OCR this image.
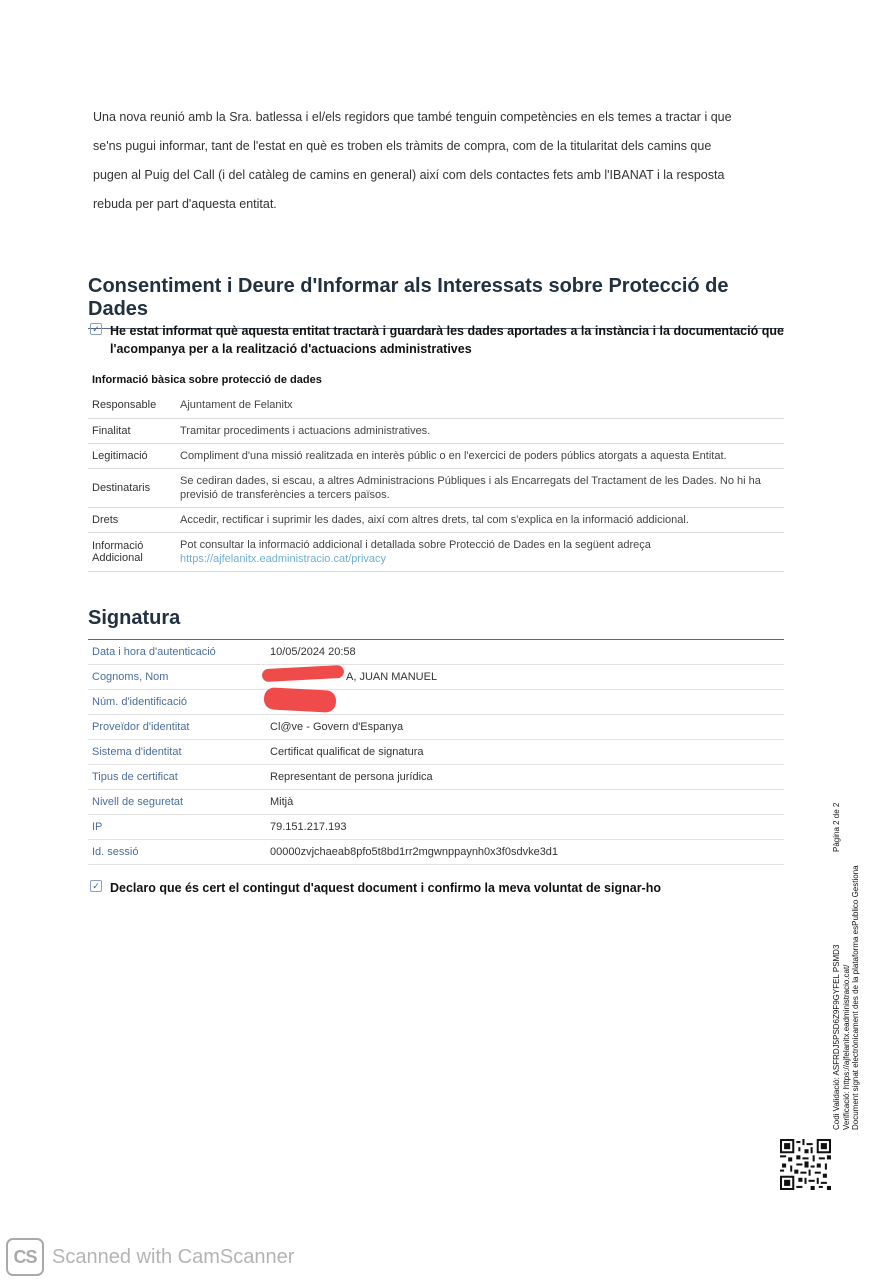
Una nova reunió amb la Sra. batlessa i el/els regidors que també tenguin competències en els temes a tractar i que

se'ns pugui informar, tant de l'estat en què es troben els tràmits de compra, com de la titularitat dels camins que

pugen al Puig del Call (i del catàleg de camins en general) així com dels contactes fets amb l'IBANAT i la resposta

rebuda per part d'aquesta entitat.

Consentiment i Deure d'Informar als Interessats sobre Protecció de Dades
✓ He estat informat què aquesta entitat tractarà i guardarà les dades aportades a la instància i la documentació que l'acompanya per a la realització d'actuacions administratives
Informació bàsica sobre protecció de dades
Responsable	Ajuntament de Felanitx
Finalitat	Tramitar procediments i actuacions administratives.
Legitimació	Compliment d'una missió realitzada en interès públic o en l'exercici de poders públics atorgats a aquesta Entitat.
Destinataris	Se cediran dades, si escau, a altres Administracions Públiques i als Encarregats del Tractament de les Dades. No hi ha previsió de transferències a tercers països.
Drets	Accedir, rectificar i suprimir les dades, així com altres drets, tal com s'explica en la informació addicional.
Informació Addicional	Pot consultar la informació addicional i detallada sobre Protecció de Dades en la següent adreça
https://ajfelanitx.eadministracio.cat/privacy
Signatura
Data i hora d'autenticació	10/05/2024 20:58
Cognoms, Nom	A, JUAN MANUEL
Núm. d'identificació	
Proveïdor d'identitat	Cl@ve - Govern d'Espanya
Sistema d'identitat	Certificat qualificat de signatura
Tipus de certificat	Representant de persona jurídica
Nivell de seguretat	Mitjà
IP	79.151.217.193
Id. sessió	00000zvjchaeab8pfo5t8bd1rr2mgwnppaynh0x3f0sdvke3d1
✓ Declaro que és cert el contingut d'aquest document i confirmo la meva voluntat de signar-ho
Pàgina 2 de 2
Codi Validació: ASFRDJ5PSD6Z9F9GYFEL PSMD3 Verificació: https://ajfelanitx.eadministracio.cat/ Document signat electrònicament des de la plataforma esPublico Gestiona
CS Scanned with CamScanner
